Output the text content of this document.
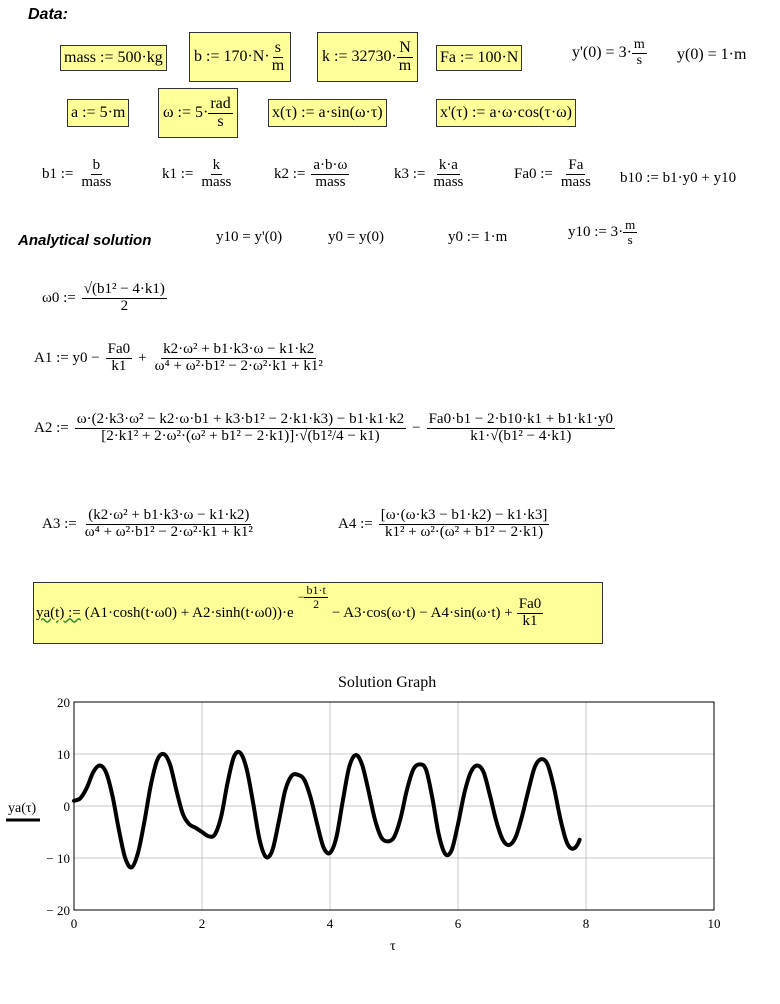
Data:
mass := 500·kg b := $170\cdot N\cdot \frac{s}{m}$ k := $32730\cdot \frac{N}{m}$ Fa := 100·N	$y'(0) = 3\cdot \frac{m}{s} y(0) = 1\cdot m$
a := 5·m ω := $5\cdot \frac{\text{rad}}{s} x(\tau)$ := a·sin(ω·τ)	x'(τ) := a·ω·cos(τ·ω)
b1 := $\frac{b}{\text{mass}}$	k1 := $\frac{k}{\text{mass}}$	k2 := $\frac{a\cdot b\cdot\omega}{\text{mass}}$	k3 := $\frac{k\cdot a}{\text{mass}}$	Fa0 := $\frac{Fa}{\text{mass}} b10$ := b1·y0 + y10
Analytical solution	y10 = y'(0)	y0 = y(0)	y0 := 1·m	y10 := $3\cdot \frac{m}{s}$
ω0 := $\frac{\text{√(b1² − 4·k1)}}{2}$
A1 := $y0 - \frac{Fa0}{k1} + \frac{\text{k2·ω² + b1·k3·ω − k1·k2}}{\text{ω⁴ + ω²·b1² − 2·ω²·k1 + k1²}}$
A2 := $\frac{\text{ω·(2·k3·ω² − k2·ω·b1 + k3·b1² − 2·k1·k3) − b1·k1·k2}}{\text{[2·k1² + 2·ω²·(ω² + b1² − 2·k1)]·√(b1²/4 − k1)}} - \frac{Fa0\cdot b1 - 2\cdot b10\cdot k1 + b1\cdot k1\cdot y0}{\text{k1·√(b1² − 4·k1)}}$
A3 := $\frac{\text{(k2·ω² + b1·k3·ω − k1·k2)}}{\text{ω⁴ + ω²·b1² − 2·ω²·k1 + k1²}}$	A4 := $\frac{[\omega\cdot(\omega\cdot k3 - b1\cdot k2) - k1\cdot k3]}{\text{k1² + ω²·(ω² + b1² − 2·k1)}}$
ya(t) := (A1·cosh(t·ω0) + A2·sinh(t·ω0))·e
− $\frac{b1\cdot t}{2}$
− $A3\cdot\cos(\omega\cdot t) - A4\cdot\sin(\omega\cdot t) + \frac{Fa0}{k1}$
Solution Graph
20
10
0
− 10
− 20
0	2	4	6	8	10
ya(τ)
τ
